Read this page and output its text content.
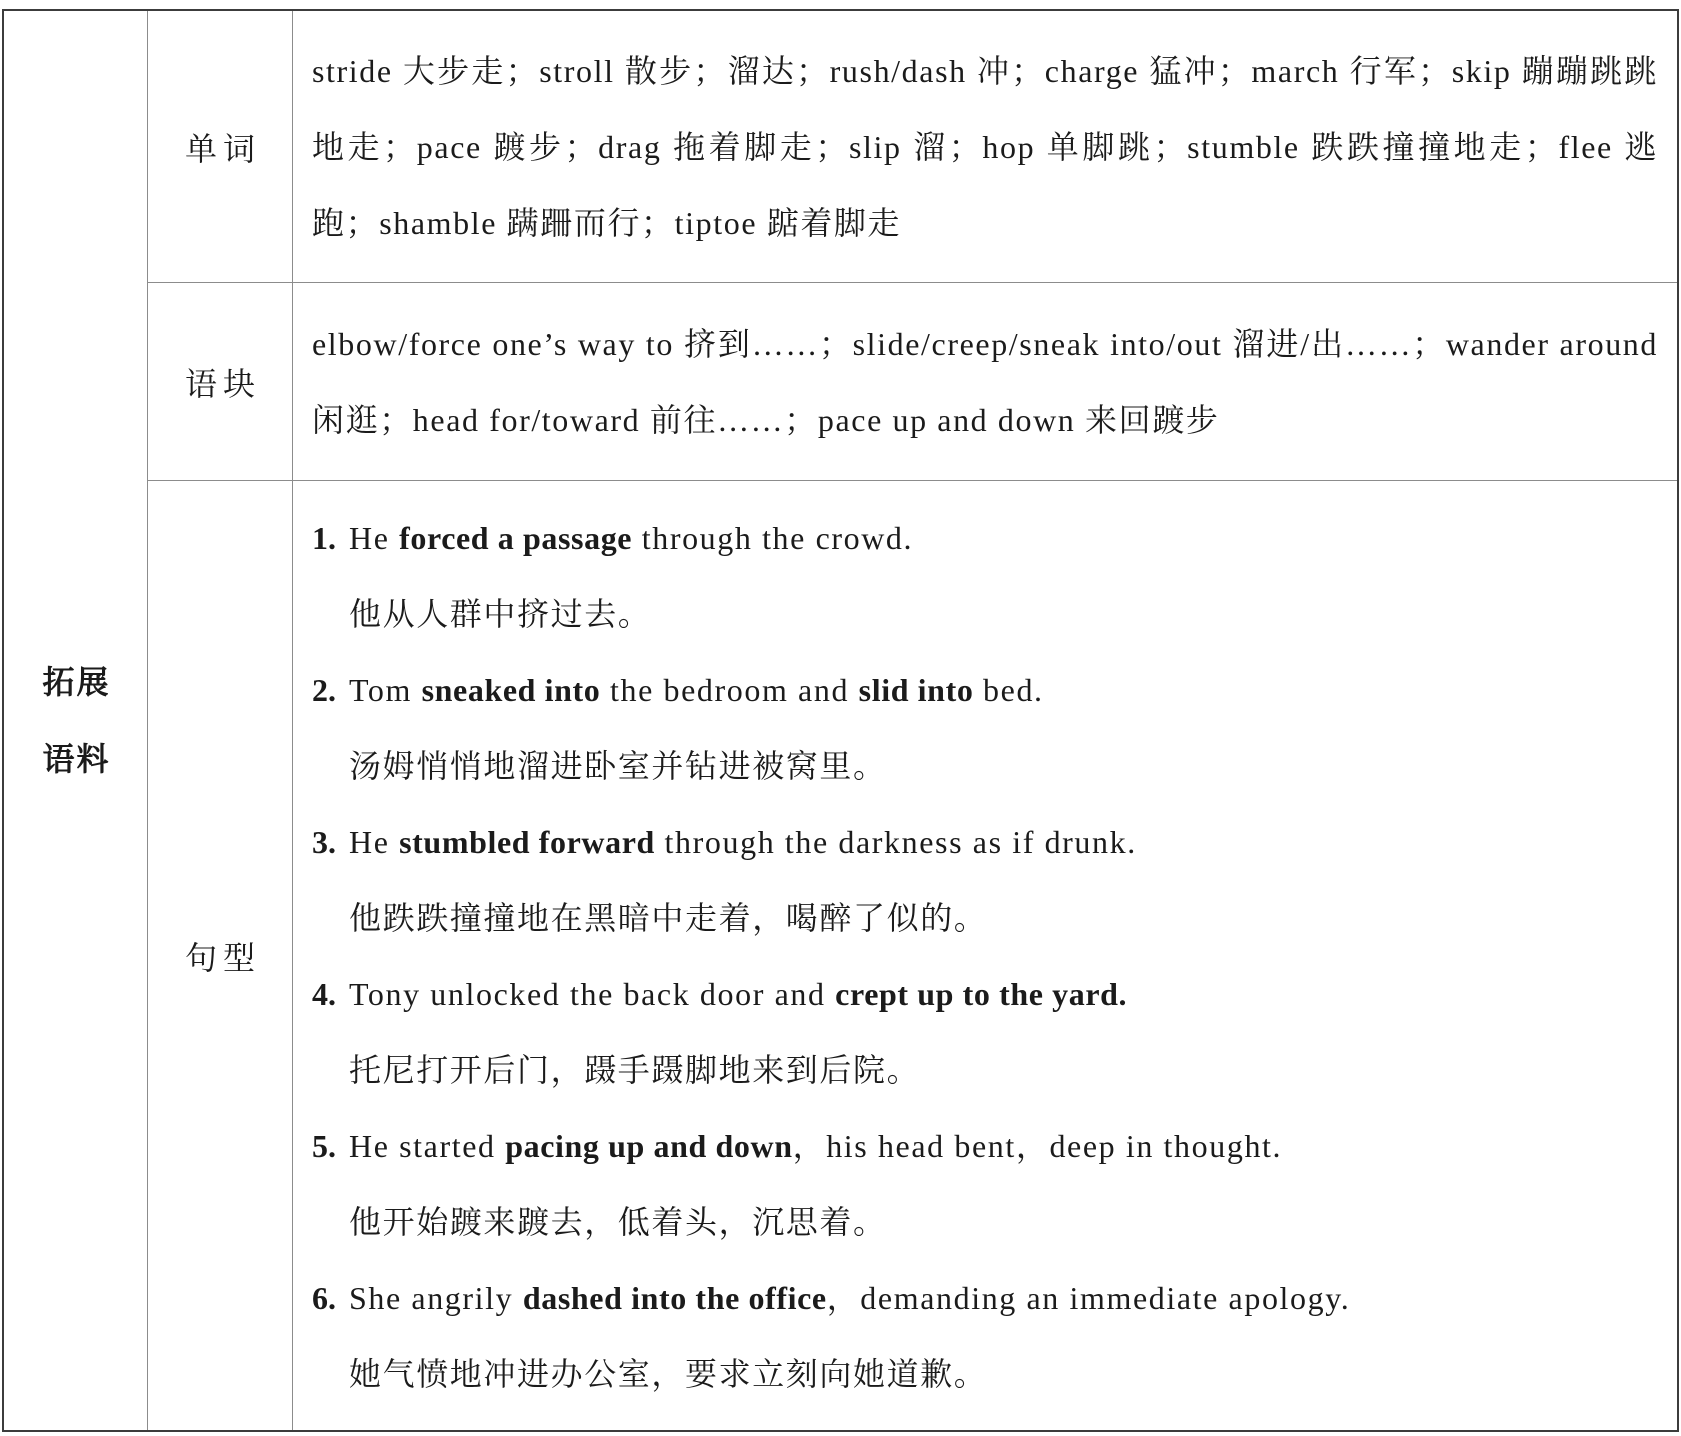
拓展
语料
单词
stride 大步走；stroll 散步；溜达；rush/dash 冲；charge 猛冲；march 行军；skip 蹦蹦跳跳地走；pace 踱步；drag 拖着脚走；slip 溜；hop 单脚跳；stumble 跌跌撞撞地走；flee 逃跑；shamble 蹒跚而行；tiptoe 踮着脚走
语块
elbow/force one’s way to 挤到……；slide/creep/sneak into/out 溜进/出……；wander around 闲逛；head for/toward 前往……；pace up and down 来回踱步
句型
1. He forced a passage through the crowd.
他从人群中挤过去。
2. Tom sneaked into the bedroom and slid into bed.
汤姆悄悄地溜进卧室并钻进被窝里。
3. He stumbled forward through the darkness as if drunk.
他跌跌撞撞地在黑暗中走着，喝醉了似的。
4. Tony unlocked the back door and crept up to the yard.
托尼打开后门，蹑手蹑脚地来到后院。
5. He started pacing up and down，his head bent，deep in thought.
他开始踱来踱去，低着头，沉思着。
6. She angrily dashed into the office，demanding an immediate apology.
她气愤地冲进办公室，要求立刻向她道歉。
